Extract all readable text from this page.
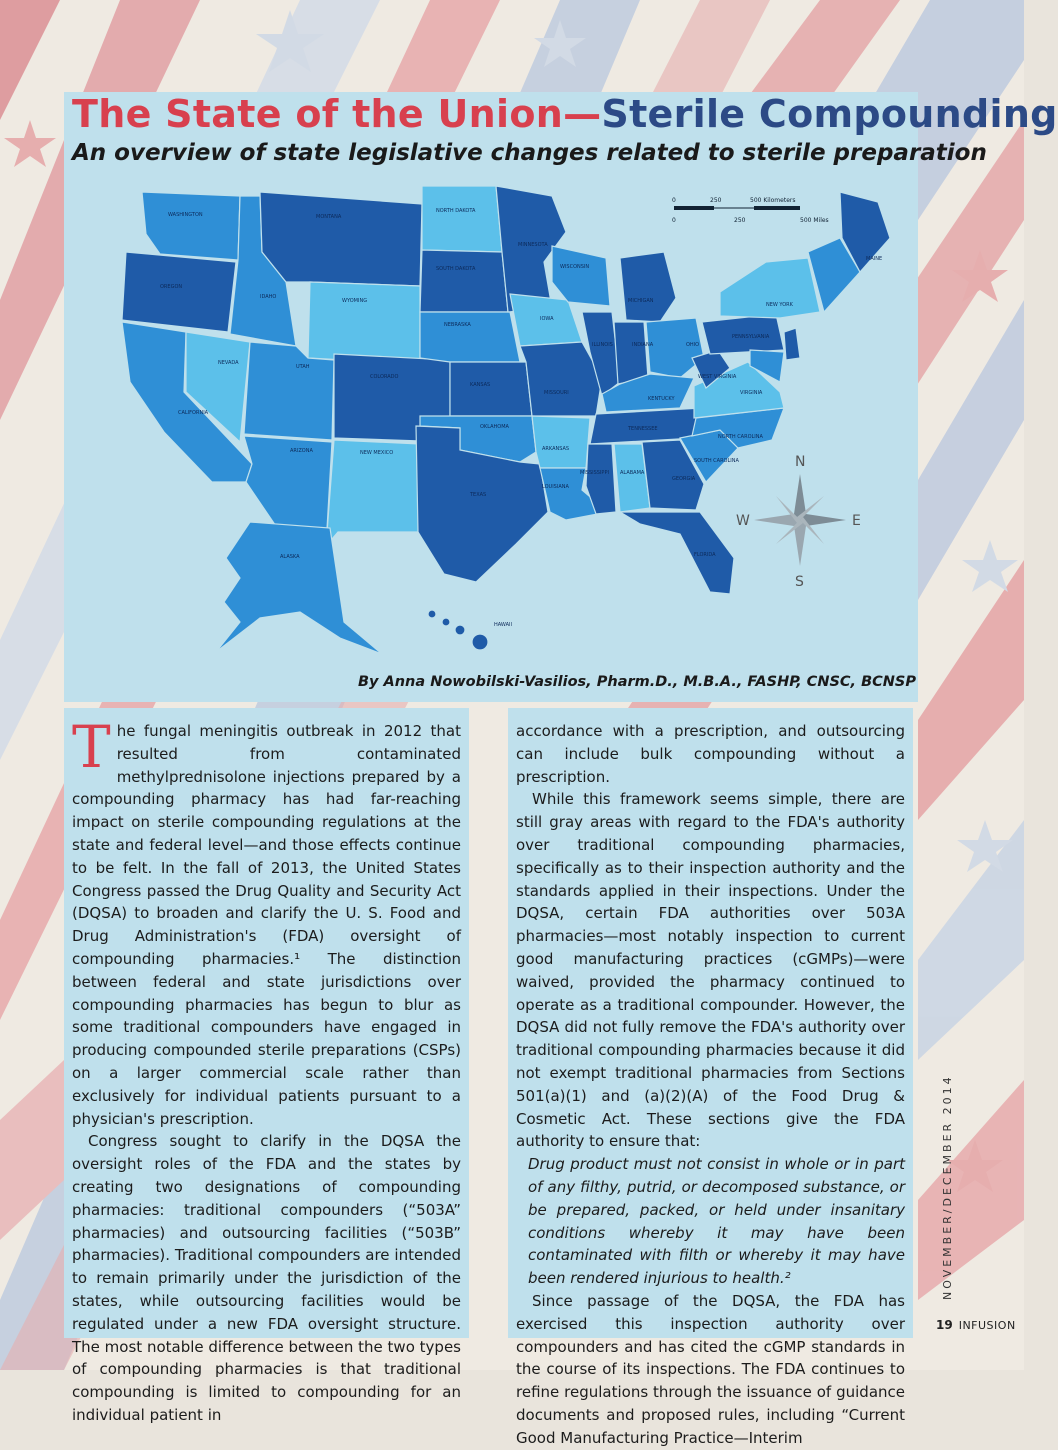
The State of the Union—Sterile Compounding
An overview of state legislative changes related to sterile preparation
WASHINGTON
OREGON
CALIFORNIA
NEVADA
IDAHO
MONTANA
WYOMING
UTAH
ARIZONA
COLORADO
NEW MEXICO
NORTH DAKOTA
SOUTH DAKOTA
NEBRASKA
KANSAS
OKLAHOMA
TEXAS
MINNESOTA
IOWA
MISSOURI
ARKANSAS
LOUISIANA
WISCONSIN
ILLINOIS
MICHIGAN
INDIANA	OHIO
KENTUCKY
TENNESSEE
MISSISSIPPI ALABAMA
GEORGIA
FLORIDA
SOUTH CAROLINA
NORTH CAROLINA
VIRGINIA
WEST VIRGINIA
PENNSYLVANIA
NEW YORK
MAINE
ALASKA
HAWAII
0	250	500 Kilometers
0	250	500 Miles
N
S
E
W
By Anna Nowobilski-Vasilios, Pharm.D., M.B.A., FASHP, CNSC, BCNSP

The fungal meningitis outbreak in 2012 that resulted from contaminated methylprednisolone injections prepared by a compounding pharmacy has had far-reaching impact on sterile compounding regulations at the state and federal level—and those effects continue to be felt. In the fall of 2013, the United States Congress passed the Drug Quality and Security Act (DQSA) to broaden and clarify the U. S. Food and Drug Administration's (FDA) oversight of compounding pharmacies.¹ The distinction between federal and state jurisdictions over compounding pharmacies has begun to blur as some traditional compounders have engaged in producing compounded sterile preparations (CSPs) on a larger commercial scale rather than exclusively for individual patients pursuant to a physician's prescription.

Congress sought to clarify in the DQSA the oversight roles of the FDA and the states by creating two designations of compounding pharmacies: traditional compounders (“503A” pharmacies) and outsourcing facilities (“503B” pharmacies). Traditional compounders are intended to remain primarily under the jurisdiction of the states, while outsourcing facilities would be regulated under a new FDA oversight structure. The most notable difference between the two types of compounding pharmacies is that traditional compounding is limited to compounding for an individual patient in

accordance with a prescription, and outsourcing can include bulk compounding without a prescription.

While this framework seems simple, there are still gray areas with regard to the FDA's authority over traditional compounding pharmacies, specifically as to their inspection authority and the standards applied in their inspections. Under the DQSA, certain FDA authorities over 503A pharmacies—most notably inspection to current good manufacturing practices (cGMPs)—were waived, provided the pharmacy continued to operate as a traditional compounder. However, the DQSA did not fully remove the FDA's authority over traditional compounding pharmacies because it did not exempt traditional pharmacies from Sections 501(a)(1) and (a)(2)(A) of the Food Drug & Cosmetic Act. These sections give the FDA authority to ensure that:

Drug product must not consist in whole or in part of any filthy, putrid, or decomposed substance, or be prepared, packed, or held under insanitary conditions whereby it may have been contaminated with filth or whereby it may have been rendered injurious to health.²

Since passage of the DQSA, the FDA has exercised this inspection authority over compounders and has cited the cGMP standards in the course of its inspections. The FDA continues to refine regulations through the issuance of guidance documents and proposed rules, including “Current Good Manufacturing Practice—Interim

NOVEMBER/DECEMBER 2014
19 INFUSION
